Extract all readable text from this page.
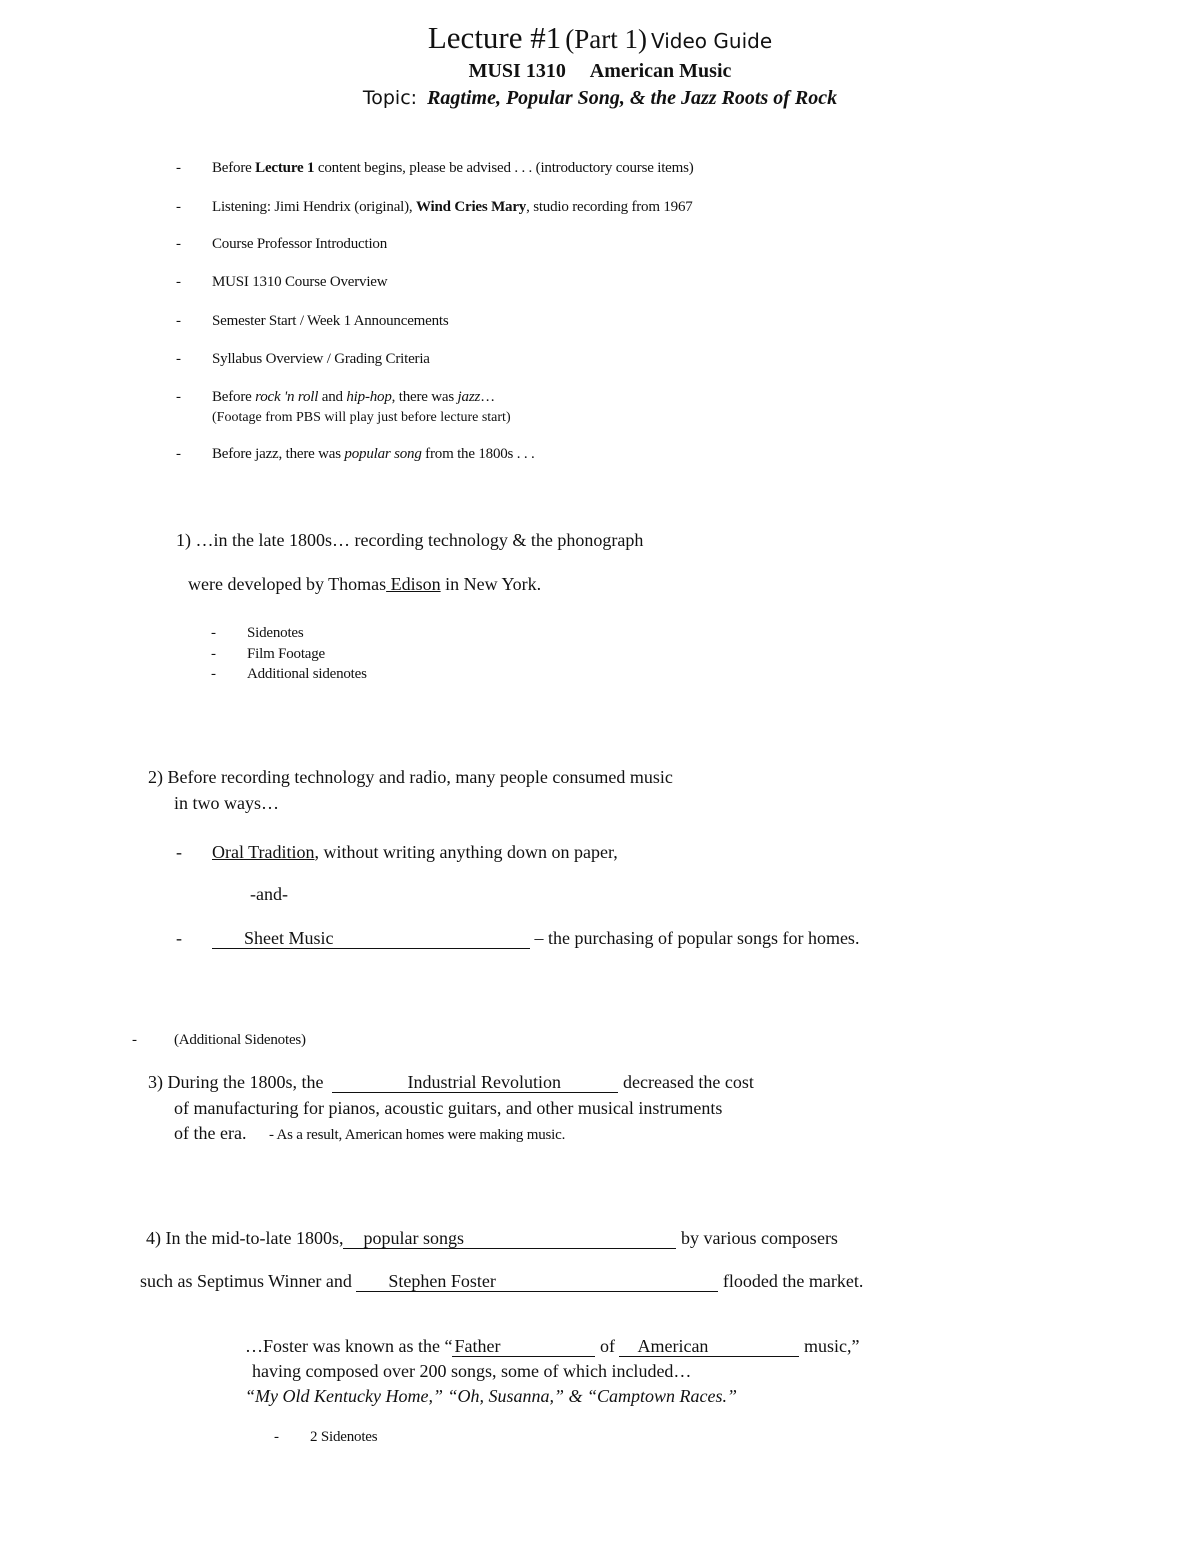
Lecture #1 (Part 1) Video Guide
MUSI 1310 American Music
Topic: Ragtime, Popular Song, & the Jazz Roots of Rock
- Before Lecture 1 content begins, please be advised . . . (introductory course items)
- Listening: Jimi Hendrix (original), Wind Cries Mary, studio recording from 1967
- Course Professor Introduction
- MUSI 1310 Course Overview
- Semester Start / Week 1 Announcements
- Syllabus Overview / Grading Criteria
- Before rock 'n roll and hip-hop, there was jazz…
(Footage from PBS will play just before lecture start)
- Before jazz, there was popular song from the 1800s . . .
1) …in the late 1800s… recording technology & the phonograph
were developed by Thomas Edison in New York.
- Sidenotes
- Film Footage
- Additional sidenotes
2) Before recording technology and radio, many people consumed music
in two ways…
- Oral Tradition, without writing anything down on paper,
-and-
-	Sheet Music	– the purchasing of popular songs for homes.
- (Additional Sidenotes)
3) During the 1800s, the	Industrial Revolution	decreased the cost
of manufacturing for pianos, acoustic guitars, and other musical instruments
of the era. - As a result, American homes were making music.
4) In the mid-to-late 1800s, popular songs	by various composers
such as Septimus Winner and Stephen Foster	flooded the market.
…Foster was known as the “ Father	of American	music,”
having composed over 200 songs, some of which included…
“My Old Kentucky Home,” “Oh, Susanna,” & “Camptown Races.”
- 2 Sidenotes
